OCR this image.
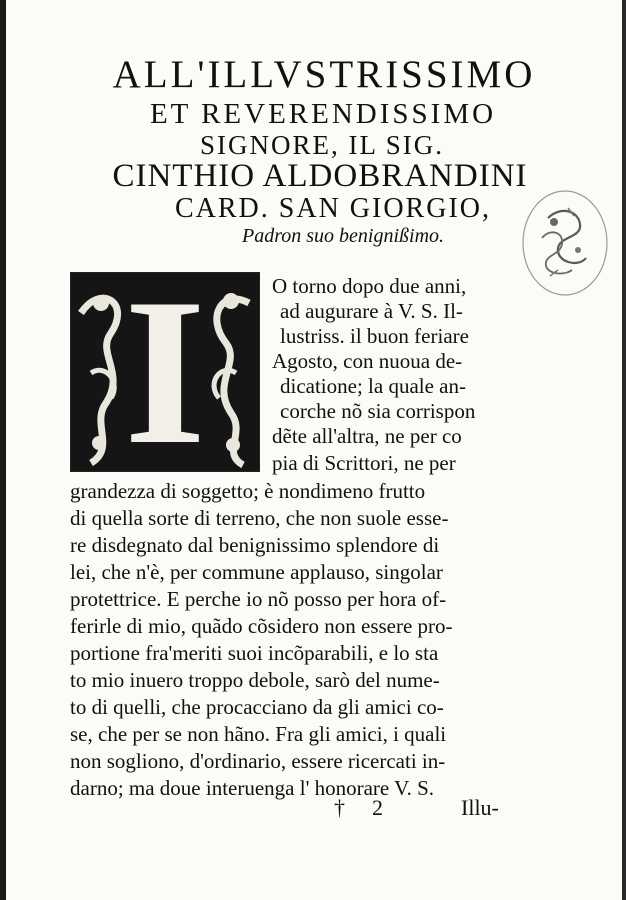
ALL'ILLVSTRISSIMO
ET REVERENDISSIMO
SIGNORE, IL SIG.
CINTHIO ALDOBRANDINI
CARD. SAN GIORGIO,
Padron suo benignißimo.
I	O torno dopo due anni,
ad augurare à V. S. Il-
lustriss. il buon feriare
Agosto, con nuoua de-
dicatione; la quale an-
corche nõ sia corrispon
dẽte all'altra, ne per co
pia di Scrittori, ne per
grandezza di soggetto; è nondimeno frutto
di quella sorte di terreno, che non suole esse-
re disdegnato dal benignissimo splendore di
lei, che n'è, per commune applauso, singolar
protettrice. E perche io nõ posso per hora of-
ferirle di mio, quãdo cõsidero non essere pro-
portione fra'meriti suoi incõparabili, e lo sta
to mio inuero troppo debole, sarò del nume-
to di quelli, che procacciano da gli amici co-
se, che per se non hãno. Fra gli amici, i quali
non sogliono, d'ordinario, essere ricercati in-
darno; ma doue interuenga l' honorare V. S.
† 2	Illu-
